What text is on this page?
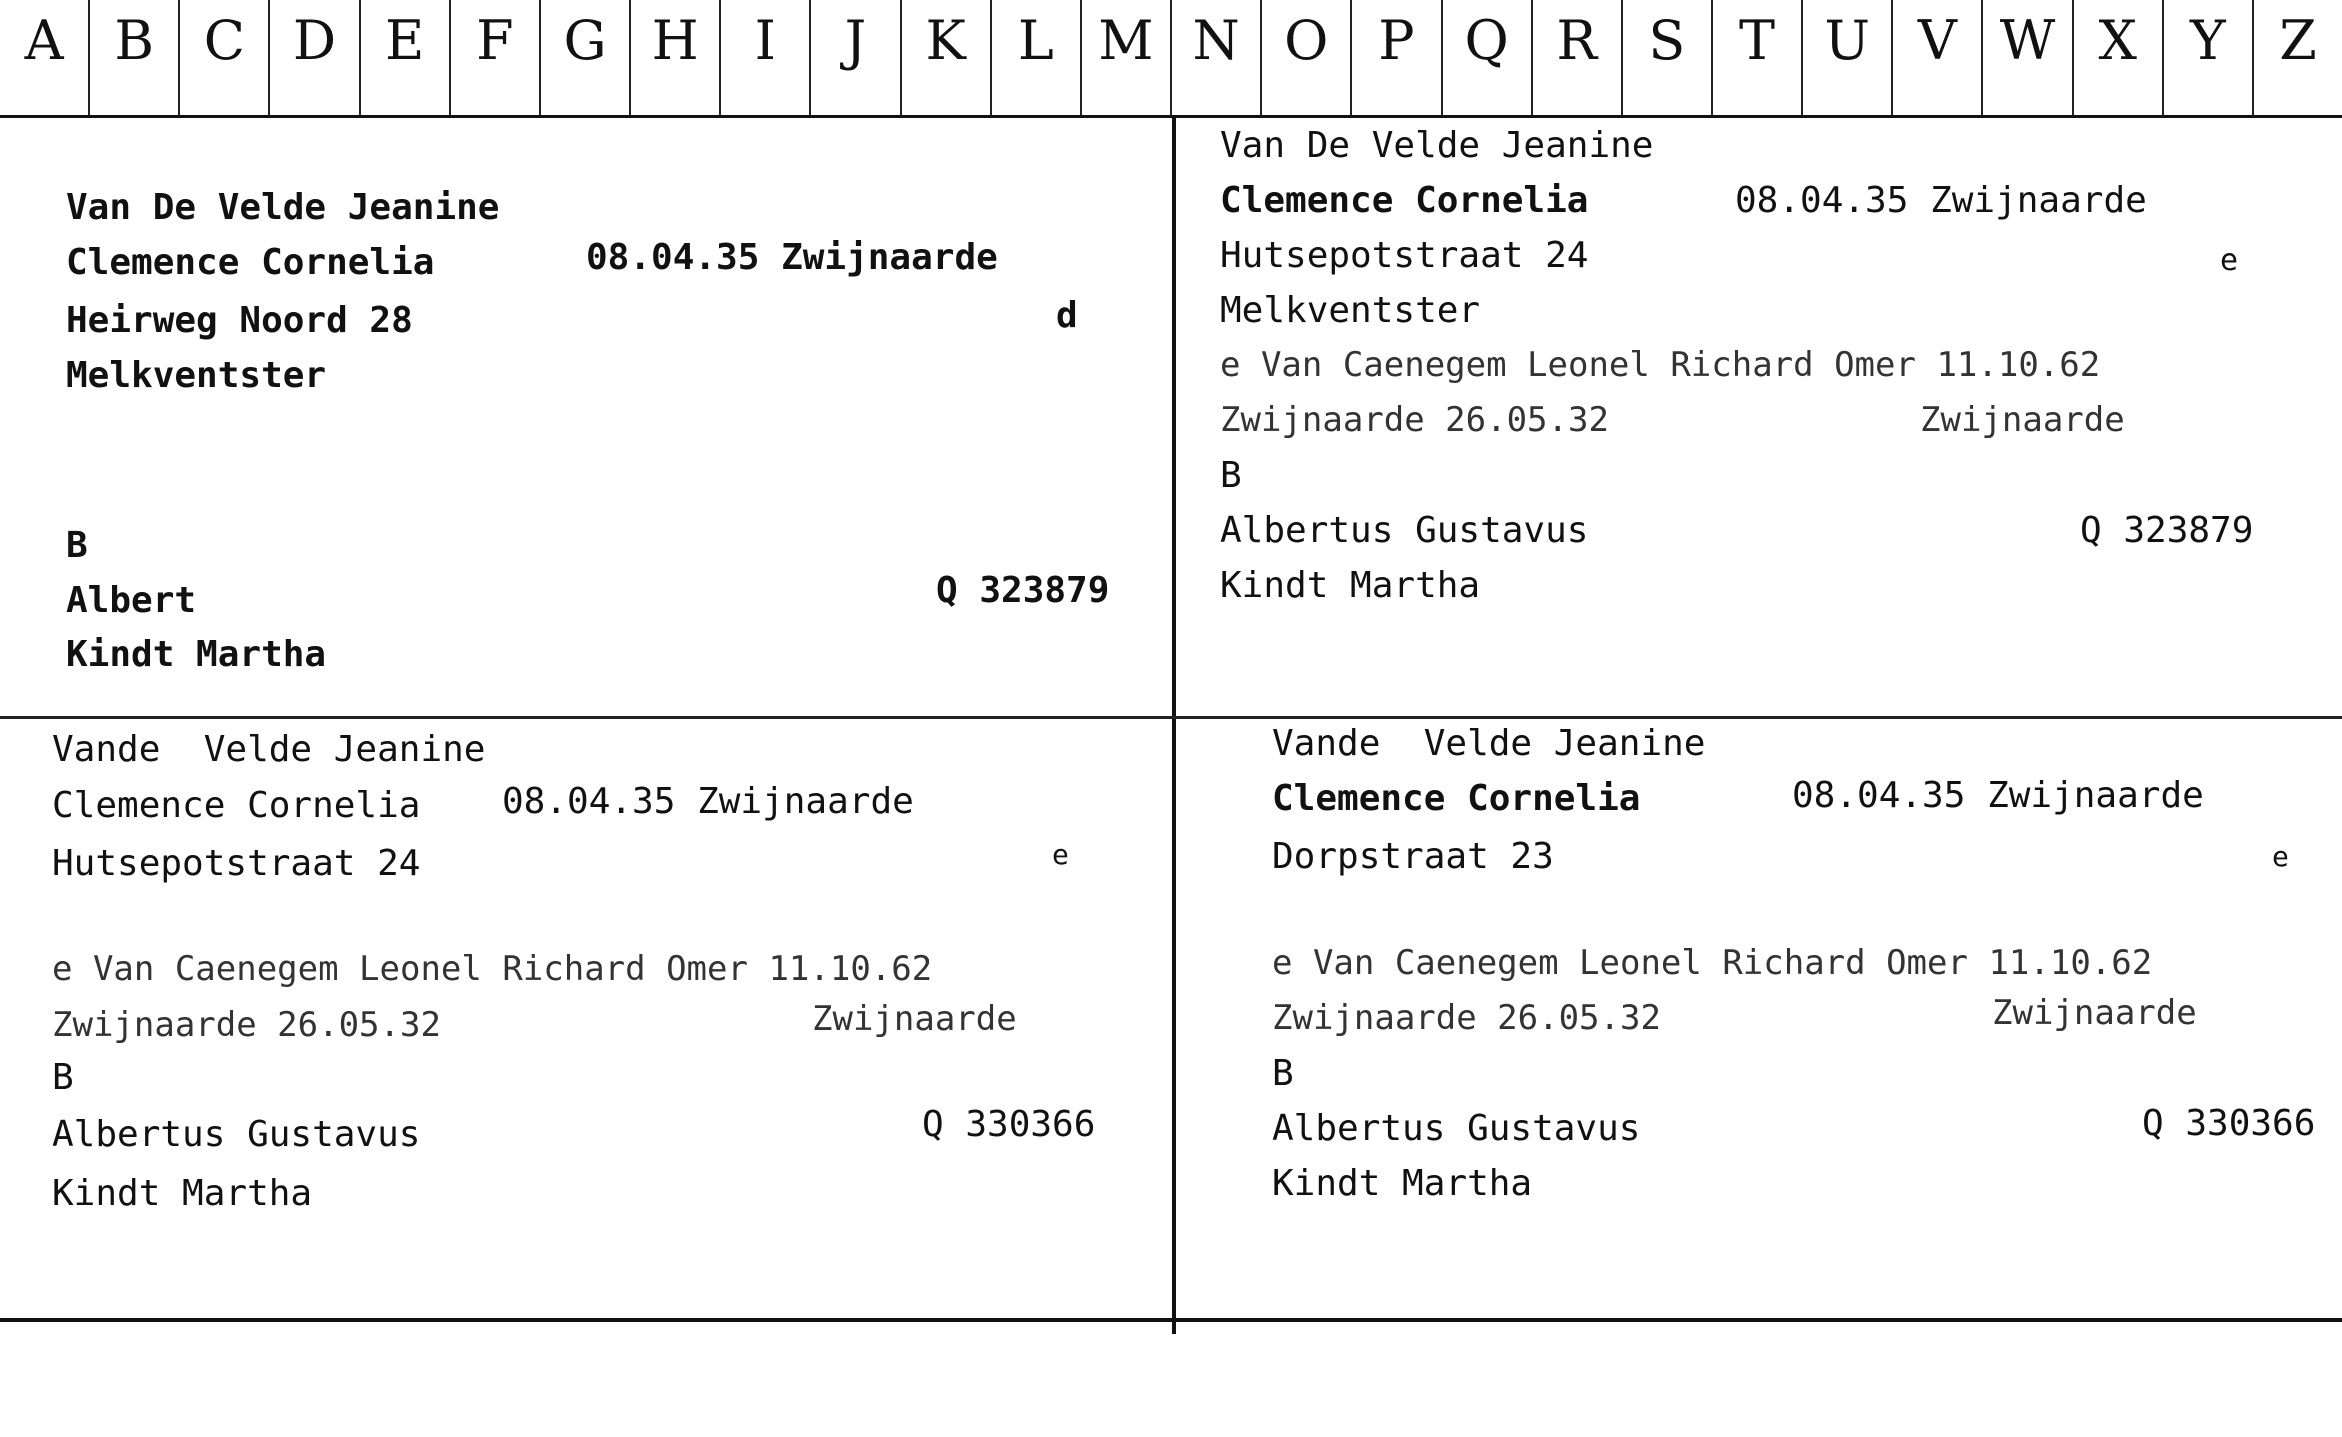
A B C D E F G H	I	J	K L M N O P Q R S T U V W X Y Z

Van De Velde Jeanine

Clemence Cornelia

	08.04.35 Zwijnaarde

Heirweg Noord 28

	d

Melkventster

B

Albert

	Q 323879

Kindt Martha

Van De Velde Jeanine

Clemence Cornelia

	08.04.35 Zwijnaarde

Hutsepotstraat 24

	e

Melkventster

e Van Caenegem Leonel Richard Omer 11.10.62

Zwijnaarde 26.05.32

	Zwijnaarde

B

Albertus Gustavus

	Q 323879

Kindt Martha

Vande  Velde Jeanine

Clemence Cornelia

08.04.35 Zwijnaarde

Hutsepotstraat 24

	e

e Van Caenegem Leonel Richard Omer 11.10.62

Zwijnaarde 26.05.32

	Zwijnaarde

B

Albertus Gustavus

	Q 330366

Kindt Martha

Vande  Velde Jeanine

Clemence Cornelia

	08.04.35 Zwijnaarde

Dorpstraat 23

	e

e Van Caenegem Leonel Richard Omer 11.10.62

Zwijnaarde 26.05.32

	Zwijnaarde

B

Albertus Gustavus

	Q 330366

Kindt Martha
